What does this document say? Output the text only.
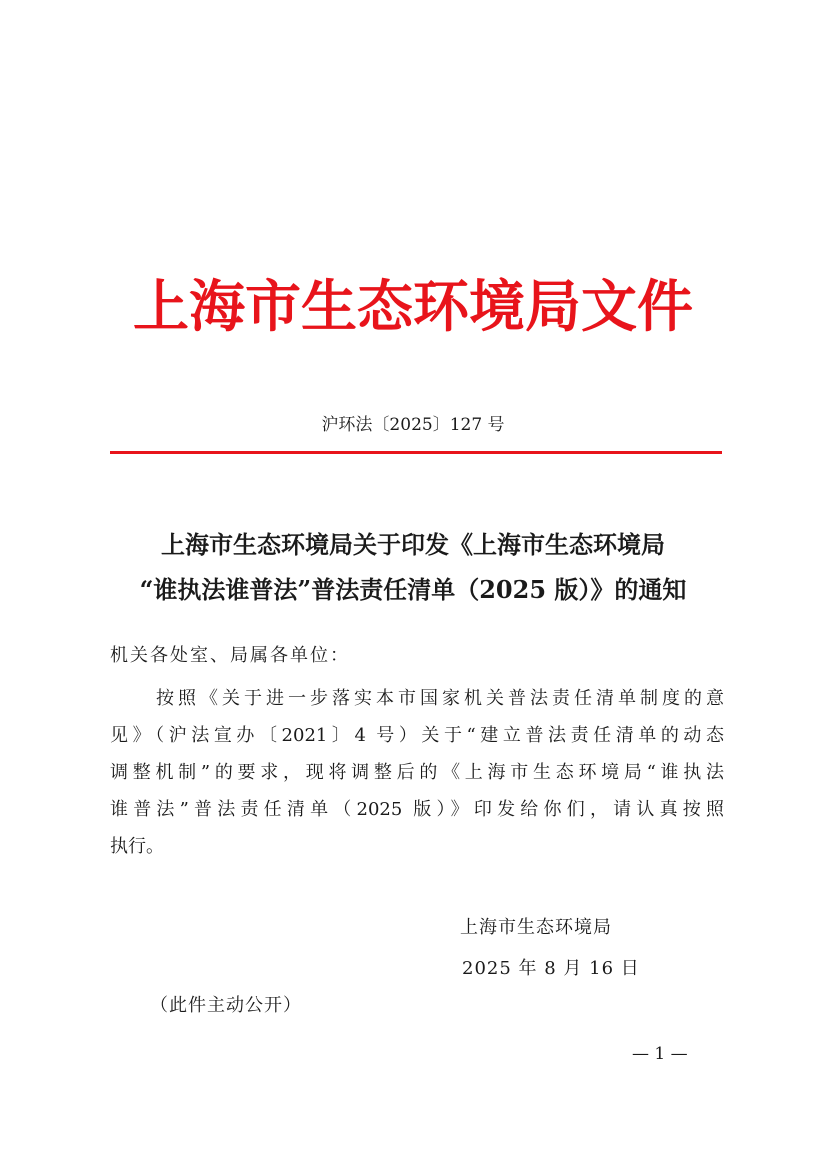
上海市生态环境局文件
沪环法〔2025〕127 号
上海市生态环境局关于印发《上海市生态环境局
“谁执法谁普法”普法责任清单（2025 版）》的通知
机关各处室、局属各单位：
按照《关于进一步落实本市国家机关普法责任清单制度的意
见》（沪法宣办〔2021〕4 号）关于“建立普法责任清单的动态
调整机制”的要求，现将调整后的《上海市生态环境局“谁执法
谁普法”普法责任清单（2025 版）》印发给你们，请认真按照
执行。
上海市生态环境局
2025 年 8 月 16 日
（此件主动公开）
— 1 —
